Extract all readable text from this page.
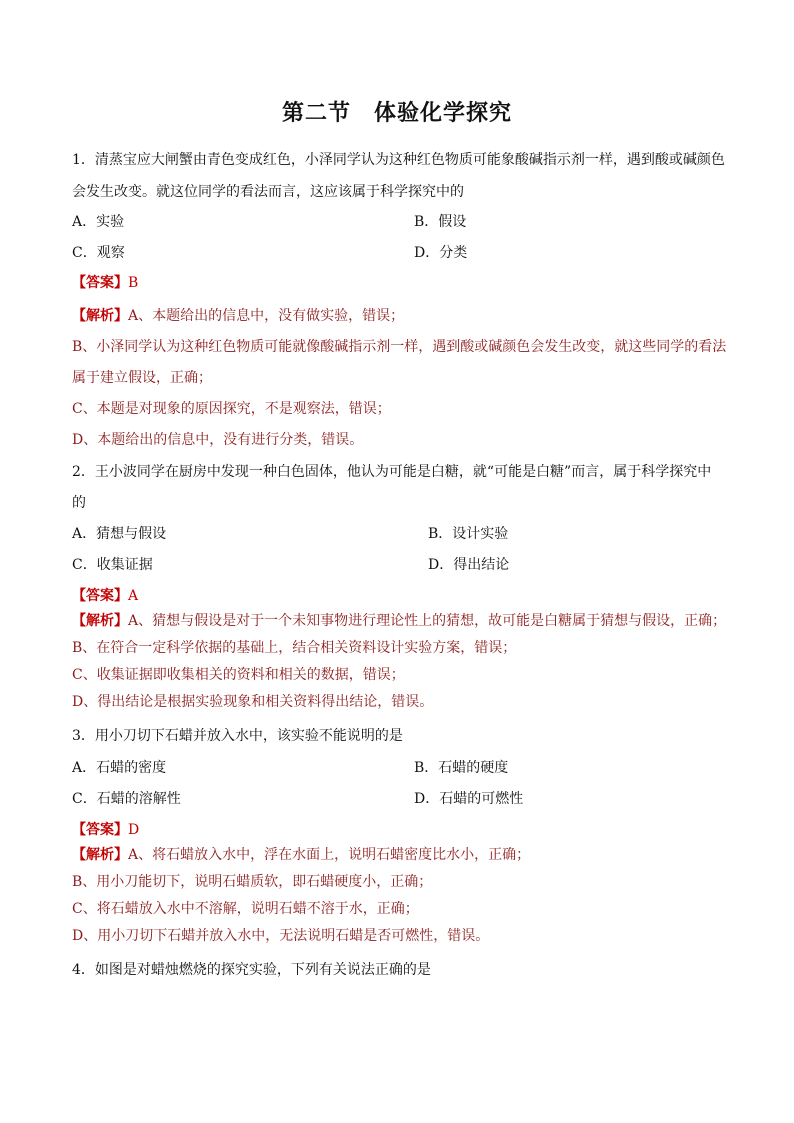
第二节　体验化学探究
1．清蒸宝应大闸蟹由青色变成红色，小泽同学认为这种红色物质可能象酸碱指示剂一样，遇到酸或碱颜色
会发生改变。就这位同学的看法而言，这应该属于科学探究中的
A．实验	B．假设
C．观察	D．分类
【答案】B
【解析】A、本题给出的信息中，没有做实验，错误；
B、小泽同学认为这种红色物质可能就像酸碱指示剂一样，遇到酸或碱颜色会发生改变，就这些同学的看法
属于建立假设，正确；
C、本题是对现象的原因探究，不是观察法，错误；
D、本题给出的信息中，没有进行分类，错误。
2．王小波同学在厨房中发现一种白色固体，他认为可能是白糖，就“可能是白糖”而言，属于科学探究中
的
A．猜想与假设	B．设计实验
C．收集证据	D．得出结论
【答案】A
【解析】A、猜想与假设是对于一个未知事物进行理论性上的猜想，故可能是白糖属于猜想与假设，正确；
B、在符合一定科学依据的基础上，结合相关资料设计实验方案，错误；
C、收集证据即收集相关的资料和相关的数据，错误；
D、得出结论是根据实验现象和相关资料得出结论，错误。
3．用小刀切下石蜡并放入水中，该实验不能说明的是
A．石蜡的密度	B．石蜡的硬度
C．石蜡的溶解性	D．石蜡的可燃性
【答案】D
【解析】A、将石蜡放入水中，浮在水面上，说明石蜡密度比水小，正确；
B、用小刀能切下，说明石蜡质软，即石蜡硬度小，正确；
C、将石蜡放入水中不溶解，说明石蜡不溶于水，正确；
D、用小刀切下石蜡并放入水中，无法说明石蜡是否可燃性，错误。
4．如图是对蜡烛燃烧的探究实验，下列有关说法正确的是
